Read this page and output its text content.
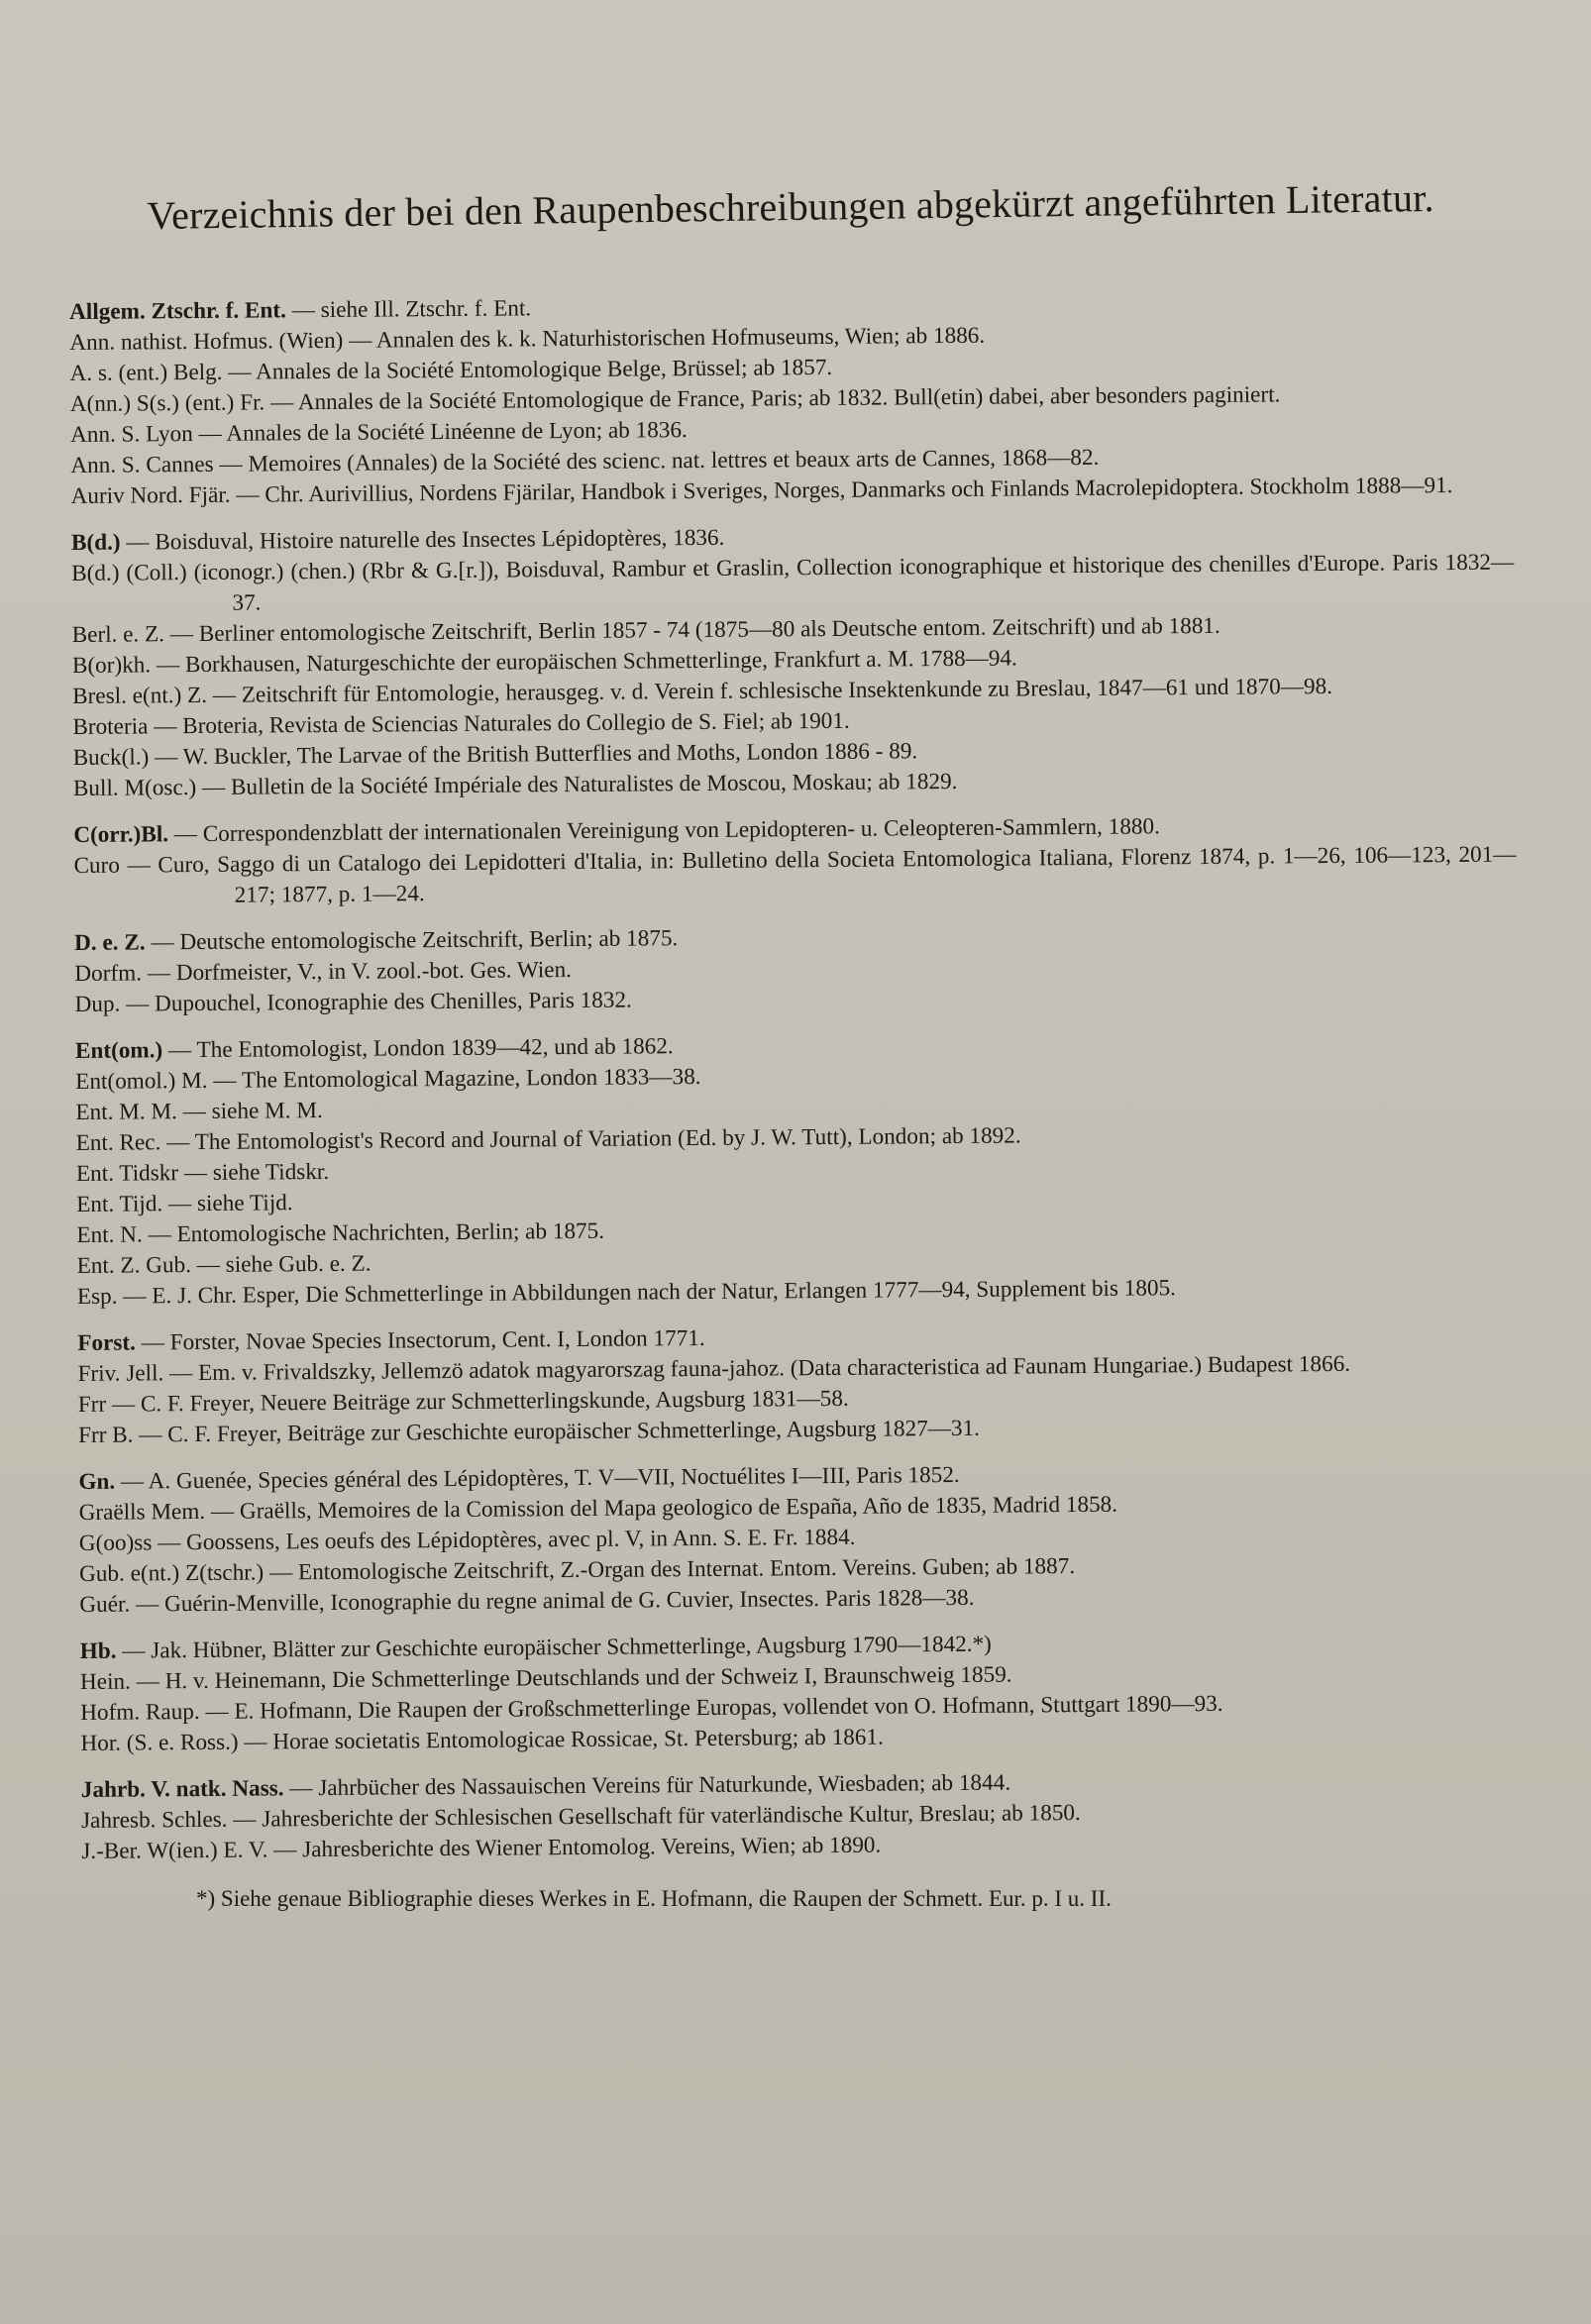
Verzeichnis der bei den Raupenbeschreibungen abgekürzt angeführten Literatur.

Allgem. Ztschr. f. Ent. — siehe Ill. Ztschr. f. Ent.

Ann. nathist. Hofmus. (Wien) — Annalen des k. k. Naturhistorischen Hofmuseums, Wien; ab 1886.

A. s. (ent.) Belg. — Annales de la Société Entomologique Belge, Brüssel; ab 1857.

A(nn.) S(s.) (ent.) Fr. — Annales de la Société Entomologique de France, Paris; ab 1832. Bull(etin) dabei, aber besonders paginiert.

Ann. S. Lyon — Annales de la Société Linéenne de Lyon; ab 1836.

Ann. S. Cannes — Memoires (Annales) de la Société des scienc. nat. lettres et beaux arts de Cannes, 1868—82.

Auriv Nord. Fjär. — Chr. Aurivillius, Nordens Fjärilar, Handbok i Sveriges, Norges, Danmarks och Finlands Macrolepidoptera. Stockholm 1888—91.

B(d.) — Boisduval, Histoire naturelle des Insectes Lépidoptères, 1836.

B(d.) (Coll.) (iconogr.) (chen.) (Rbr & G.[r.]), Boisduval, Rambur et Graslin, Collection iconographique et historique des chenilles d'Europe. Paris 1832—37.

Berl. e. Z. — Berliner entomologische Zeitschrift, Berlin 1857 - 74 (1875—80 als Deutsche entom. Zeitschrift) und ab 1881.

B(or)kh. — Borkhausen, Naturgeschichte der europäischen Schmetterlinge, Frankfurt a. M. 1788—94.

Bresl. e(nt.) Z. — Zeitschrift für Entomologie, herausgeg. v. d. Verein f. schlesische Insektenkunde zu Breslau, 1847—61 und 1870—98.

Broteria — Broteria, Revista de Sciencias Naturales do Collegio de S. Fiel; ab 1901.

Buck(l.) — W. Buckler, The Larvae of the British Butterflies and Moths, London 1886 - 89.

Bull. M(osc.) — Bulletin de la Société Impériale des Naturalistes de Moscou, Moskau; ab 1829.

C(orr.)Bl. — Correspondenzblatt der internationalen Vereinigung von Lepidopteren- u. Celeopteren-Sammlern, 1880.

Curo — Curo, Saggo di un Catalogo dei Lepidotteri d'Italia, in: Bulletino della Societa Entomologica Italiana, Florenz 1874, p. 1—26, 106—123, 201—217; 1877, p. 1—24.

D. e. Z. — Deutsche entomologische Zeitschrift, Berlin; ab 1875.

Dorfm. — Dorfmeister, V., in V. zool.-bot. Ges. Wien.

Dup. — Dupouchel, Iconographie des Chenilles, Paris 1832.

Ent(om.) — The Entomologist, London 1839—42, und ab 1862.

Ent(omol.) M. — The Entomological Magazine, London 1833—38.

Ent. M. M. — siehe M. M.

Ent. Rec. — The Entomologist's Record and Journal of Variation (Ed. by J. W. Tutt), London; ab 1892.

Ent. Tidskr — siehe Tidskr.

Ent. Tijd. — siehe Tijd.

Ent. N. — Entomologische Nachrichten, Berlin; ab 1875.

Ent. Z. Gub. — siehe Gub. e. Z.

Esp. — E. J. Chr. Esper, Die Schmetterlinge in Abbildungen nach der Natur, Erlangen 1777—94, Supplement bis 1805.

Forst. — Forster, Novae Species Insectorum, Cent. I, London 1771.

Friv. Jell. — Em. v. Frivaldszky, Jellemzö adatok magyarorszag fauna-jahoz. (Data characteristica ad Faunam Hungariae.) Budapest 1866.

Frr — C. F. Freyer, Neuere Beiträge zur Schmetterlingskunde, Augsburg 1831—58.

Frr B. — C. F. Freyer, Beiträge zur Geschichte europäischer Schmetterlinge, Augsburg 1827—31.

Gn. — A. Guenée, Species général des Lépidoptères, T. V—VII, Noctuélites I—III, Paris 1852.

Graëlls Mem. — Graëlls, Memoires de la Comission del Mapa geologico de España, Año de 1835, Madrid 1858.

G(oo)ss — Goossens, Les oeufs des Lépidoptères, avec pl. V, in Ann. S. E. Fr. 1884.

Gub. e(nt.) Z(tschr.) — Entomologische Zeitschrift, Z.-Organ des Internat. Entom. Vereins. Guben; ab 1887.

Guér. — Guérin-Menville, Iconographie du regne animal de G. Cuvier, Insectes. Paris 1828—38.

Hb. — Jak. Hübner, Blätter zur Geschichte europäischer Schmetterlinge, Augsburg 1790—1842.*)

Hein. — H. v. Heinemann, Die Schmetterlinge Deutschlands und der Schweiz I, Braunschweig 1859.

Hofm. Raup. — E. Hofmann, Die Raupen der Großschmetterlinge Europas, vollendet von O. Hofmann, Stuttgart 1890—93.

Hor. (S. e. Ross.) — Horae societatis Entomologicae Rossicae, St. Petersburg; ab 1861.

Jahrb. V. natk. Nass. — Jahrbücher des Nassauischen Vereins für Naturkunde, Wiesbaden; ab 1844.

Jahresb. Schles. — Jahresberichte der Schlesischen Gesellschaft für vaterländische Kultur, Breslau; ab 1850.

J.-Ber. W(ien.) E. V. — Jahresberichte des Wiener Entomolog. Vereins, Wien; ab 1890.

*) Siehe genaue Bibliographie dieses Werkes in E. Hofmann, die Raupen der Schmett. Eur. p. I u. II.
